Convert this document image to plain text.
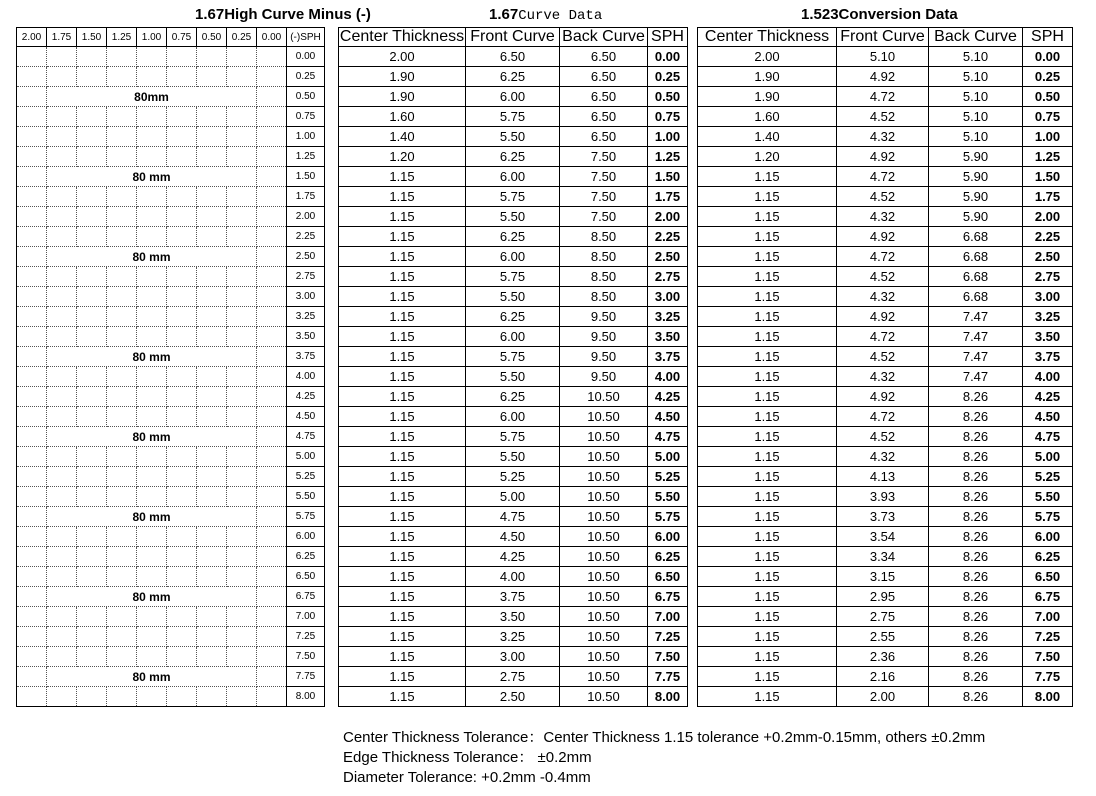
1.67High Curve Minus (-)	1.67Curve Data	1.523Conversion Data
2.00	1.75	1.50	1.25	1.00	0.75	0.50	0.25	0.00	(-)SPH
									0.00
									0.25
	80mm								0.50
									0.75
									1.00
									1.25
	80 mm								1.50
									1.75
									2.00
									2.25
	80 mm								2.50
									2.75
									3.00
									3.25
									3.50
	80 mm								3.75
									4.00
									4.25
									4.50
	80 mm								4.75
									5.00
									5.25
									5.50
	80 mm								5.75
									6.00
									6.25
									6.50
	80 mm								6.75
									7.00
									7.25
									7.50
	80 mm								7.75
									8.00
Center Thickness	Front Curve	Back Curve	SPH
2.00	6.50	6.50	0.00
1.90	6.25	6.50	0.25
1.90	6.00	6.50	0.50
1.60	5.75	6.50	0.75
1.40	5.50	6.50	1.00
1.20	6.25	7.50	1.25
1.15	6.00	7.50	1.50
1.15	5.75	7.50	1.75
1.15	5.50	7.50	2.00
1.15	6.25	8.50	2.25
1.15	6.00	8.50	2.50
1.15	5.75	8.50	2.75
1.15	5.50	8.50	3.00
1.15	6.25	9.50	3.25
1.15	6.00	9.50	3.50
1.15	5.75	9.50	3.75
1.15	5.50	9.50	4.00
1.15	6.25	10.50	4.25
1.15	6.00	10.50	4.50
1.15	5.75	10.50	4.75
1.15	5.50	10.50	5.00
1.15	5.25	10.50	5.25
1.15	5.00	10.50	5.50
1.15	4.75	10.50	5.75
1.15	4.50	10.50	6.00
1.15	4.25	10.50	6.25
1.15	4.00	10.50	6.50
1.15	3.75	10.50	6.75
1.15	3.50	10.50	7.00
1.15	3.25	10.50	7.25
1.15	3.00	10.50	7.50
1.15	2.75	10.50	7.75
1.15	2.50	10.50	8.00
Center Thickness	Front Curve	Back Curve	SPH
2.00	5.10	5.10	0.00
1.90	4.92	5.10	0.25
1.90	4.72	5.10	0.50
1.60	4.52	5.10	0.75
1.40	4.32	5.10	1.00
1.20	4.92	5.90	1.25
1.15	4.72	5.90	1.50
1.15	4.52	5.90	1.75
1.15	4.32	5.90	2.00
1.15	4.92	6.68	2.25
1.15	4.72	6.68	2.50
1.15	4.52	6.68	2.75
1.15	4.32	6.68	3.00
1.15	4.92	7.47	3.25
1.15	4.72	7.47	3.50
1.15	4.52	7.47	3.75
1.15	4.32	7.47	4.00
1.15	4.92	8.26	4.25
1.15	4.72	8.26	4.50
1.15	4.52	8.26	4.75
1.15	4.32	8.26	5.00
1.15	4.13	8.26	5.25
1.15	3.93	8.26	5.50
1.15	3.73	8.26	5.75
1.15	3.54	8.26	6.00
1.15	3.34	8.26	6.25
1.15	3.15	8.26	6.50
1.15	2.95	8.26	6.75
1.15	2.75	8.26	7.00
1.15	2.55	8.26	7.25
1.15	2.36	8.26	7.50
1.15	2.16	8.26	7.75
1.15	2.00	8.26	8.00
Center Thickness Tolerance：Center Thickness 1.15 tolerance +0.2mm-0.15mm, others ±0.2mm
Edge Thickness Tolerance： ±0.2mm
Diameter Tolerance: +0.2mm -0.4mm
